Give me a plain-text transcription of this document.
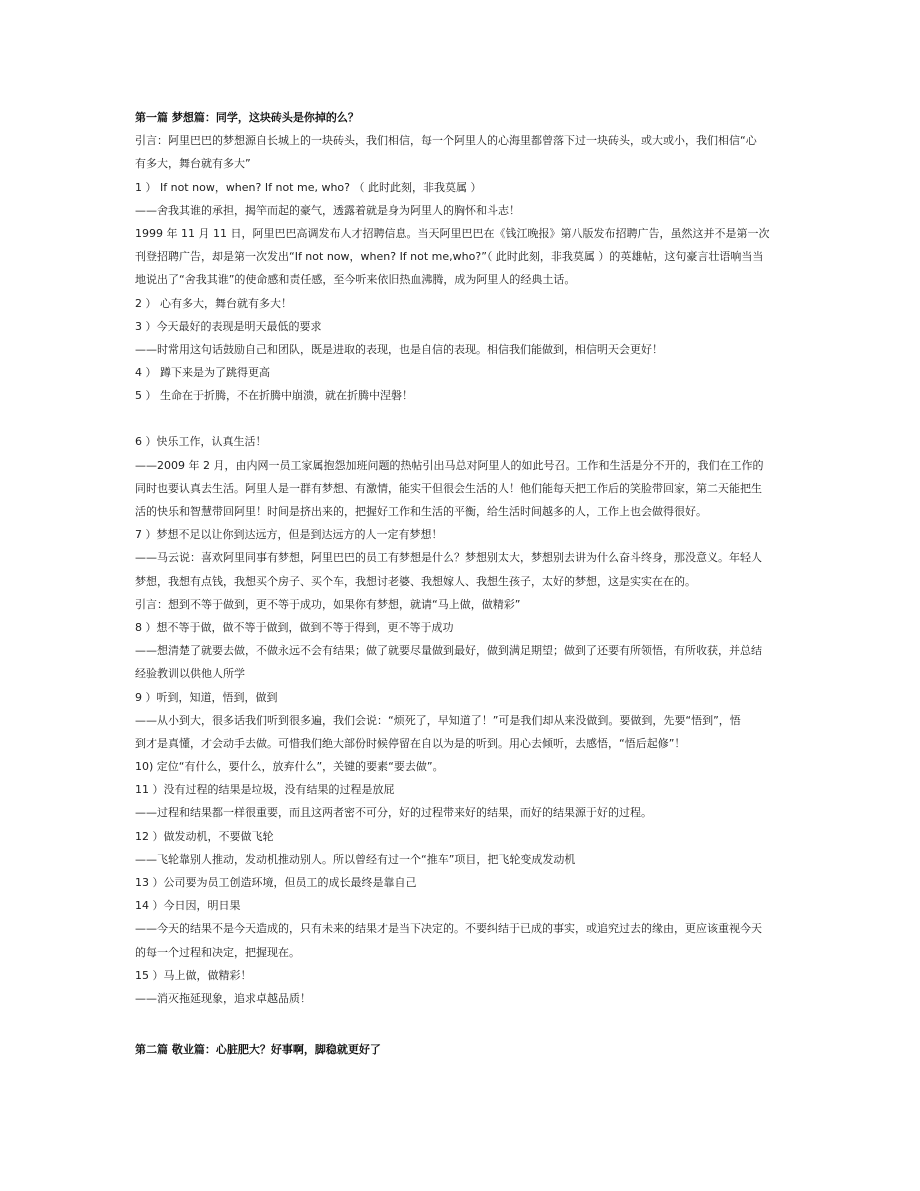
第一篇 梦想篇：同学，这块砖头是你掉的么？
引言：阿里巴巴的梦想源自长城上的一块砖头，我们相信，每一个阿里人的心海里都曾落下过一块砖头，或大或小，我们相信“心
有多大，舞台就有多大”
1 ） If not now，when? If not me, who? （ 此时此刻，非我莫属 ）
——舍我其谁的承担，揭竿而起的豪气，透露着就是身为阿里人的胸怀和斗志！
1999 年 11 月 11 日，阿里巴巴高调发布人才招聘信息。当天阿里巴巴在《钱江晚报》第八版发布招聘广告，虽然这并不是第一次
刊登招聘广告，却是第一次发出“If not now，when? If not me,who?”（ 此时此刻，非我莫属 ）的英雄帖，这句豪言壮语响当当
地说出了“舍我其谁”的使命感和责任感，至今听来依旧热血沸腾，成为阿里人的经典土话。
2 ） 心有多大，舞台就有多大！
3 ）今天最好的表现是明天最低的要求
——时常用这句话鼓励自己和团队，既是进取的表现，也是自信的表现。相信我们能做到，相信明天会更好！
4 ） 蹲下来是为了跳得更高
5 ） 生命在于折腾，不在折腾中崩溃，就在折腾中涅磐！
6 ）快乐工作，认真生活！
——2009 年 2 月，由内网一员工家属抱怨加班问题的热帖引出马总对阿里人的如此号召。工作和生活是分不开的，我们在工作的
同时也要认真去生活。阿里人是一群有梦想、有激情，能实干但很会生活的人！他们能每天把工作后的笑脸带回家，第二天能把生
活的快乐和智慧带回阿里！时间是挤出来的，把握好工作和生活的平衡，给生活时间越多的人，工作上也会做得很好。
7 ）梦想不足以让你到达远方，但是到达远方的人一定有梦想！
——马云说：喜欢阿里同事有梦想，阿里巴巴的员工有梦想是什么？梦想别太大，梦想别去讲为什么奋斗终身，那没意义。年轻人
梦想，我想有点钱，我想买个房子、买个车，我想讨老婆、我想嫁人、我想生孩子，太好的梦想，这是实实在在的。
引言：想到不等于做到，更不等于成功，如果你有梦想，就请“马上做，做精彩”
8 ）想不等于做，做不等于做到，做到不等于得到，更不等于成功
——想清楚了就要去做，不做永远不会有结果；做了就要尽量做到最好，做到满足期望；做到了还要有所领悟，有所收获，并总结
经验教训以供他人所学
9 ）听到，知道，悟到，做到
——从小到大，很多话我们听到很多遍，我们会说：“烦死了，早知道了！”可是我们却从来没做到。要做到，先要“悟到”，悟
到才是真懂，才会动手去做。可惜我们绝大部份时候停留在自以为是的听到。用心去倾听，去感悟，“悟后起修”！
10) 定位“有什么，要什么，放弃什么”，关键的要素“要去做”。
11 ）没有过程的结果是垃圾，没有结果的过程是放屁
——过程和结果都一样很重要，而且这两者密不可分，好的过程带来好的结果，而好的结果源于好的过程。
12 ）做发动机，不要做飞轮
——飞轮靠别人推动，发动机推动别人。所以曾经有过一个“推车”项目，把飞轮变成发动机
13 ）公司要为员工创造环境，但员工的成长最终是靠自己
14 ）今日因，明日果
——今天的结果不是今天造成的，只有未来的结果才是当下决定的。不要纠结于已成的事实，或追究过去的缘由，更应该重视今天
的每一个过程和决定，把握现在。
15 ）马上做，做精彩！
——消灭拖延现象，追求卓越品质！
第二篇 敬业篇：心脏肥大？好事啊，脚稳就更好了
